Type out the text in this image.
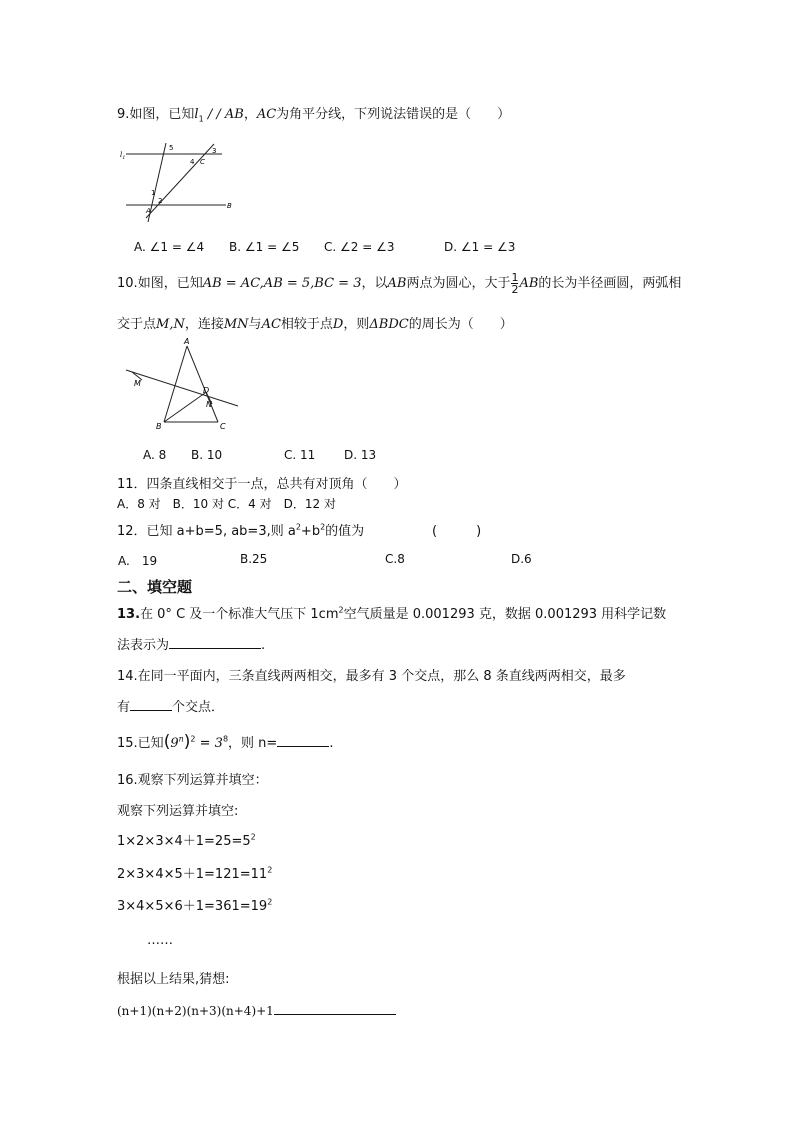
9.如图，已知$l_1$ / / AB，AC为角平分线，下列说法错误的是（　　）
$l_1$
5	3
4 C
1
2
A
B
A. ∠1 = ∠4 B. ∠1 = ∠5 C. ∠2 = ∠3	D. ∠1 = ∠3
10.如图，已知AB = AC,AB = 5,BC = 3，以AB两点为圆心，大于 $\frac{1}{2}$ AB的长为半径画圆，两弧相
交于点M,N，连接MN与AC相较于点D，则ΔBDC的周长为（　　）
A
M
D
N
B	C
A. 8 B. 10	C. 11 D. 13
11．四条直线相交于一点，总共有对顶角（　　）
A．8 对　B．10 对 C．4 对　D．12 对
12．已知 a+b=5, ab=3,则 $a^2+b^2$的值为	(　　　)
A.　19	B.25	C.8	D.6
二、填空题
13.在 0° C 及一个标准大气压下 $1cm^2$空气质量是 0.001293 克，数据 0.001293 用科学记数
法表示为	.
14.在同一平面内，三条直线两两相交，最多有 3 个交点，那么 8 条直线两两相交，最多
有	个交点．
15.已知$(9^n)^2 = 3^8$，则 n=	.
16.观察下列运算并填空：
观察下列运算并填空:
$1\times 2\times 3\times 4+1=25=5^2$
$2\times 3\times 4\times 5+1=121=11^2$
$3\times 4\times 5\times 6+1=361=19^2$
……
根据以上结果,猜想:
(n+1)(n+2)(n+3)(n+4)+1
